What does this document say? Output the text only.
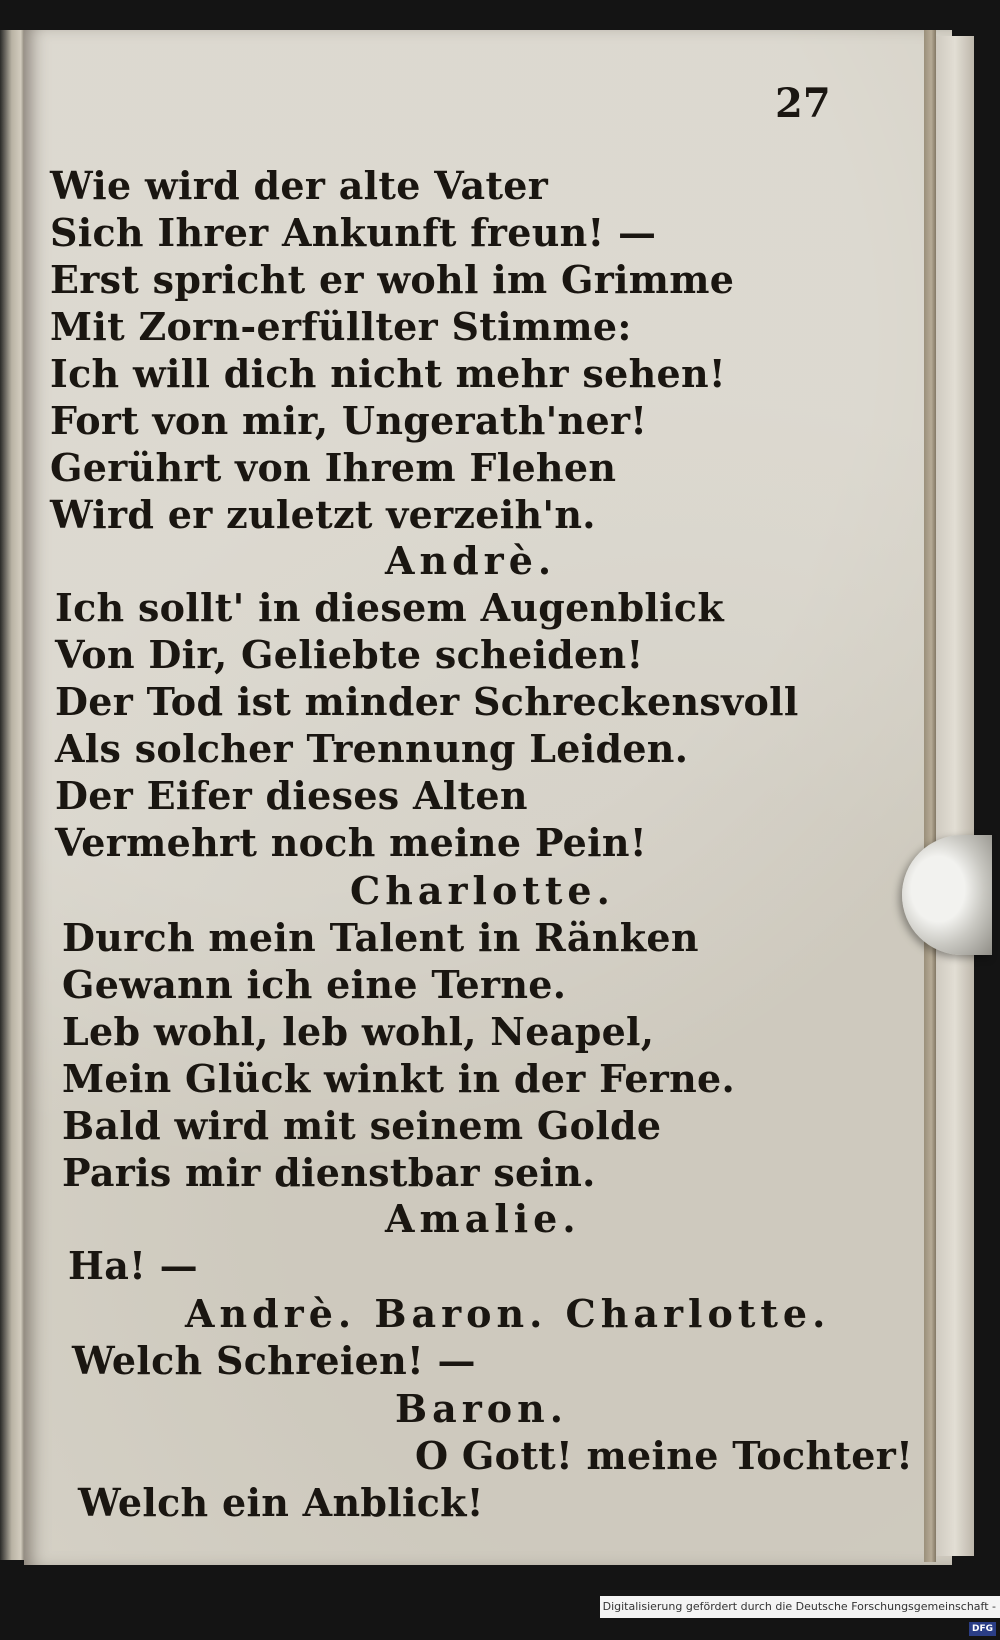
27
Wie wird der alte Vater
Sich Ihrer Ankunft freun! —
Erst spricht er wohl im Grimme
Mit Zorn-erfüllter Stimme:
Ich will dich nicht mehr sehen!
Fort von mir, Ungerath'ner!
Gerührt von Ihrem Flehen
Wird er zuletzt verzeih'n.
Andrè.
Ich sollt' in diesem Augenblick
Von Dir, Geliebte scheiden!
Der Tod ist minder Schreckensvoll
Als solcher Trennung Leiden.
Der Eifer dieses Alten
Vermehrt noch meine Pein!
Charlotte.
Durch mein Talent in Ränken
Gewann ich eine Terne.
Leb wohl, leb wohl, Neapel,
Mein Glück winkt in der Ferne.
Bald wird mit seinem Golde
Paris mir dienstbar sein.
Amalie.
Ha! —
Andrè. Baron. Charlotte.
Welch Schreien! —
Baron.
O Gott! meine Tochter!
Welch ein Anblick!
Digitalisierung gefördert durch die Deutsche Forschungsgemeinschaft - DFG
